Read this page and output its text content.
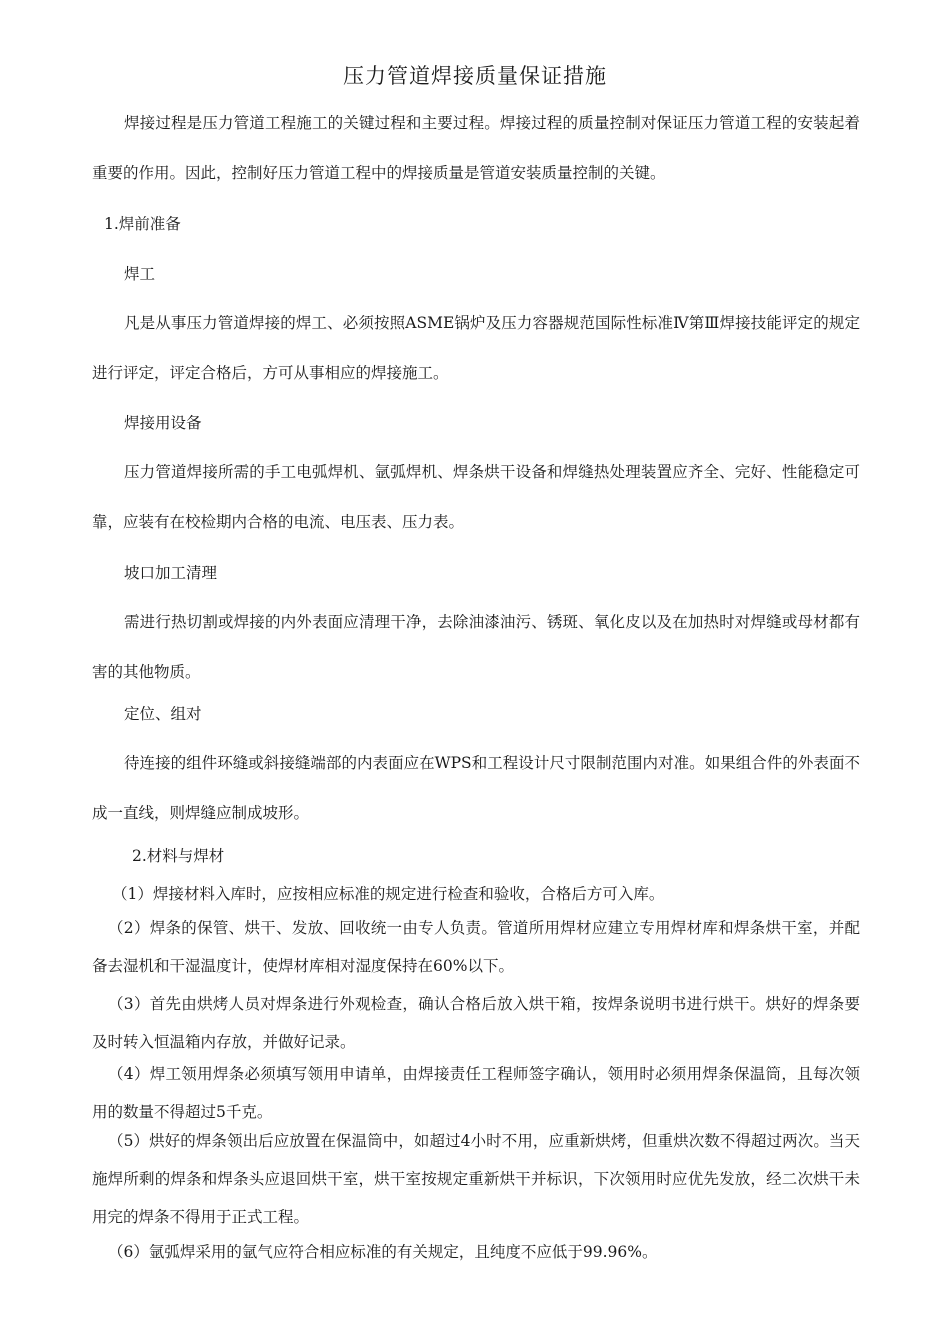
压力管道焊接质量保证措施

焊接过程是压力管道工程施工的关键过程和主要过程。焊接过程的质量控制对保证压力管道工程的安装起着重要的作用。因此，控制好压力管道工程中的焊接质量是管道安装质量控制的关键。

1.焊前准备

焊工

凡是从事压力管道焊接的焊工、必须按照ASME锅炉及压力容器规范国际性标准Ⅳ第Ⅲ焊接技能评定的规定进行评定，评定合格后，方可从事相应的焊接施工。

焊接用设备

压力管道焊接所需的手工电弧焊机、氩弧焊机、焊条烘干设备和焊缝热处理装置应齐全、完好、性能稳定可靠，应装有在校检期内合格的电流、电压表、压力表。

坡口加工清理

需进行热切割或焊接的内外表面应清理干净，去除油漆油污、锈斑、氧化皮以及在加热时对焊缝或母材都有害的其他物质。

定位、组对

待连接的组件环缝或斜接缝端部的内表面应在WPS和工程设计尺寸限制范围内对准。如果组合件的外表面不成一直线，则焊缝应制成坡形。

2.材料与焊材

（1）焊接材料入库时，应按相应标准的规定进行检查和验收，合格后方可入库。

（2）焊条的保管、烘干、发放、回收统一由专人负责。管道所用焊材应建立专用焊材库和焊条烘干室，并配备去湿机和干湿温度计，使焊材库相对湿度保持在60%以下。

（3）首先由烘烤人员对焊条进行外观检查，确认合格后放入烘干箱，按焊条说明书进行烘干。烘好的焊条要及时转入恒温箱内存放，并做好记录。

（4）焊工领用焊条必须填写领用申请单，由焊接责任工程师签字确认，领用时必须用焊条保温筒，且每次领用的数量不得超过5千克。

（5）烘好的焊条领出后应放置在保温筒中，如超过4小时不用，应重新烘烤，但重烘次数不得超过两次。当天施焊所剩的焊条和焊条头应退回烘干室，烘干室按规定重新烘干并标识，下次领用时应优先发放，经二次烘干未用完的焊条不得用于正式工程。

（6）氩弧焊采用的氩气应符合相应标准的有关规定，且纯度不应低于99.96%。
